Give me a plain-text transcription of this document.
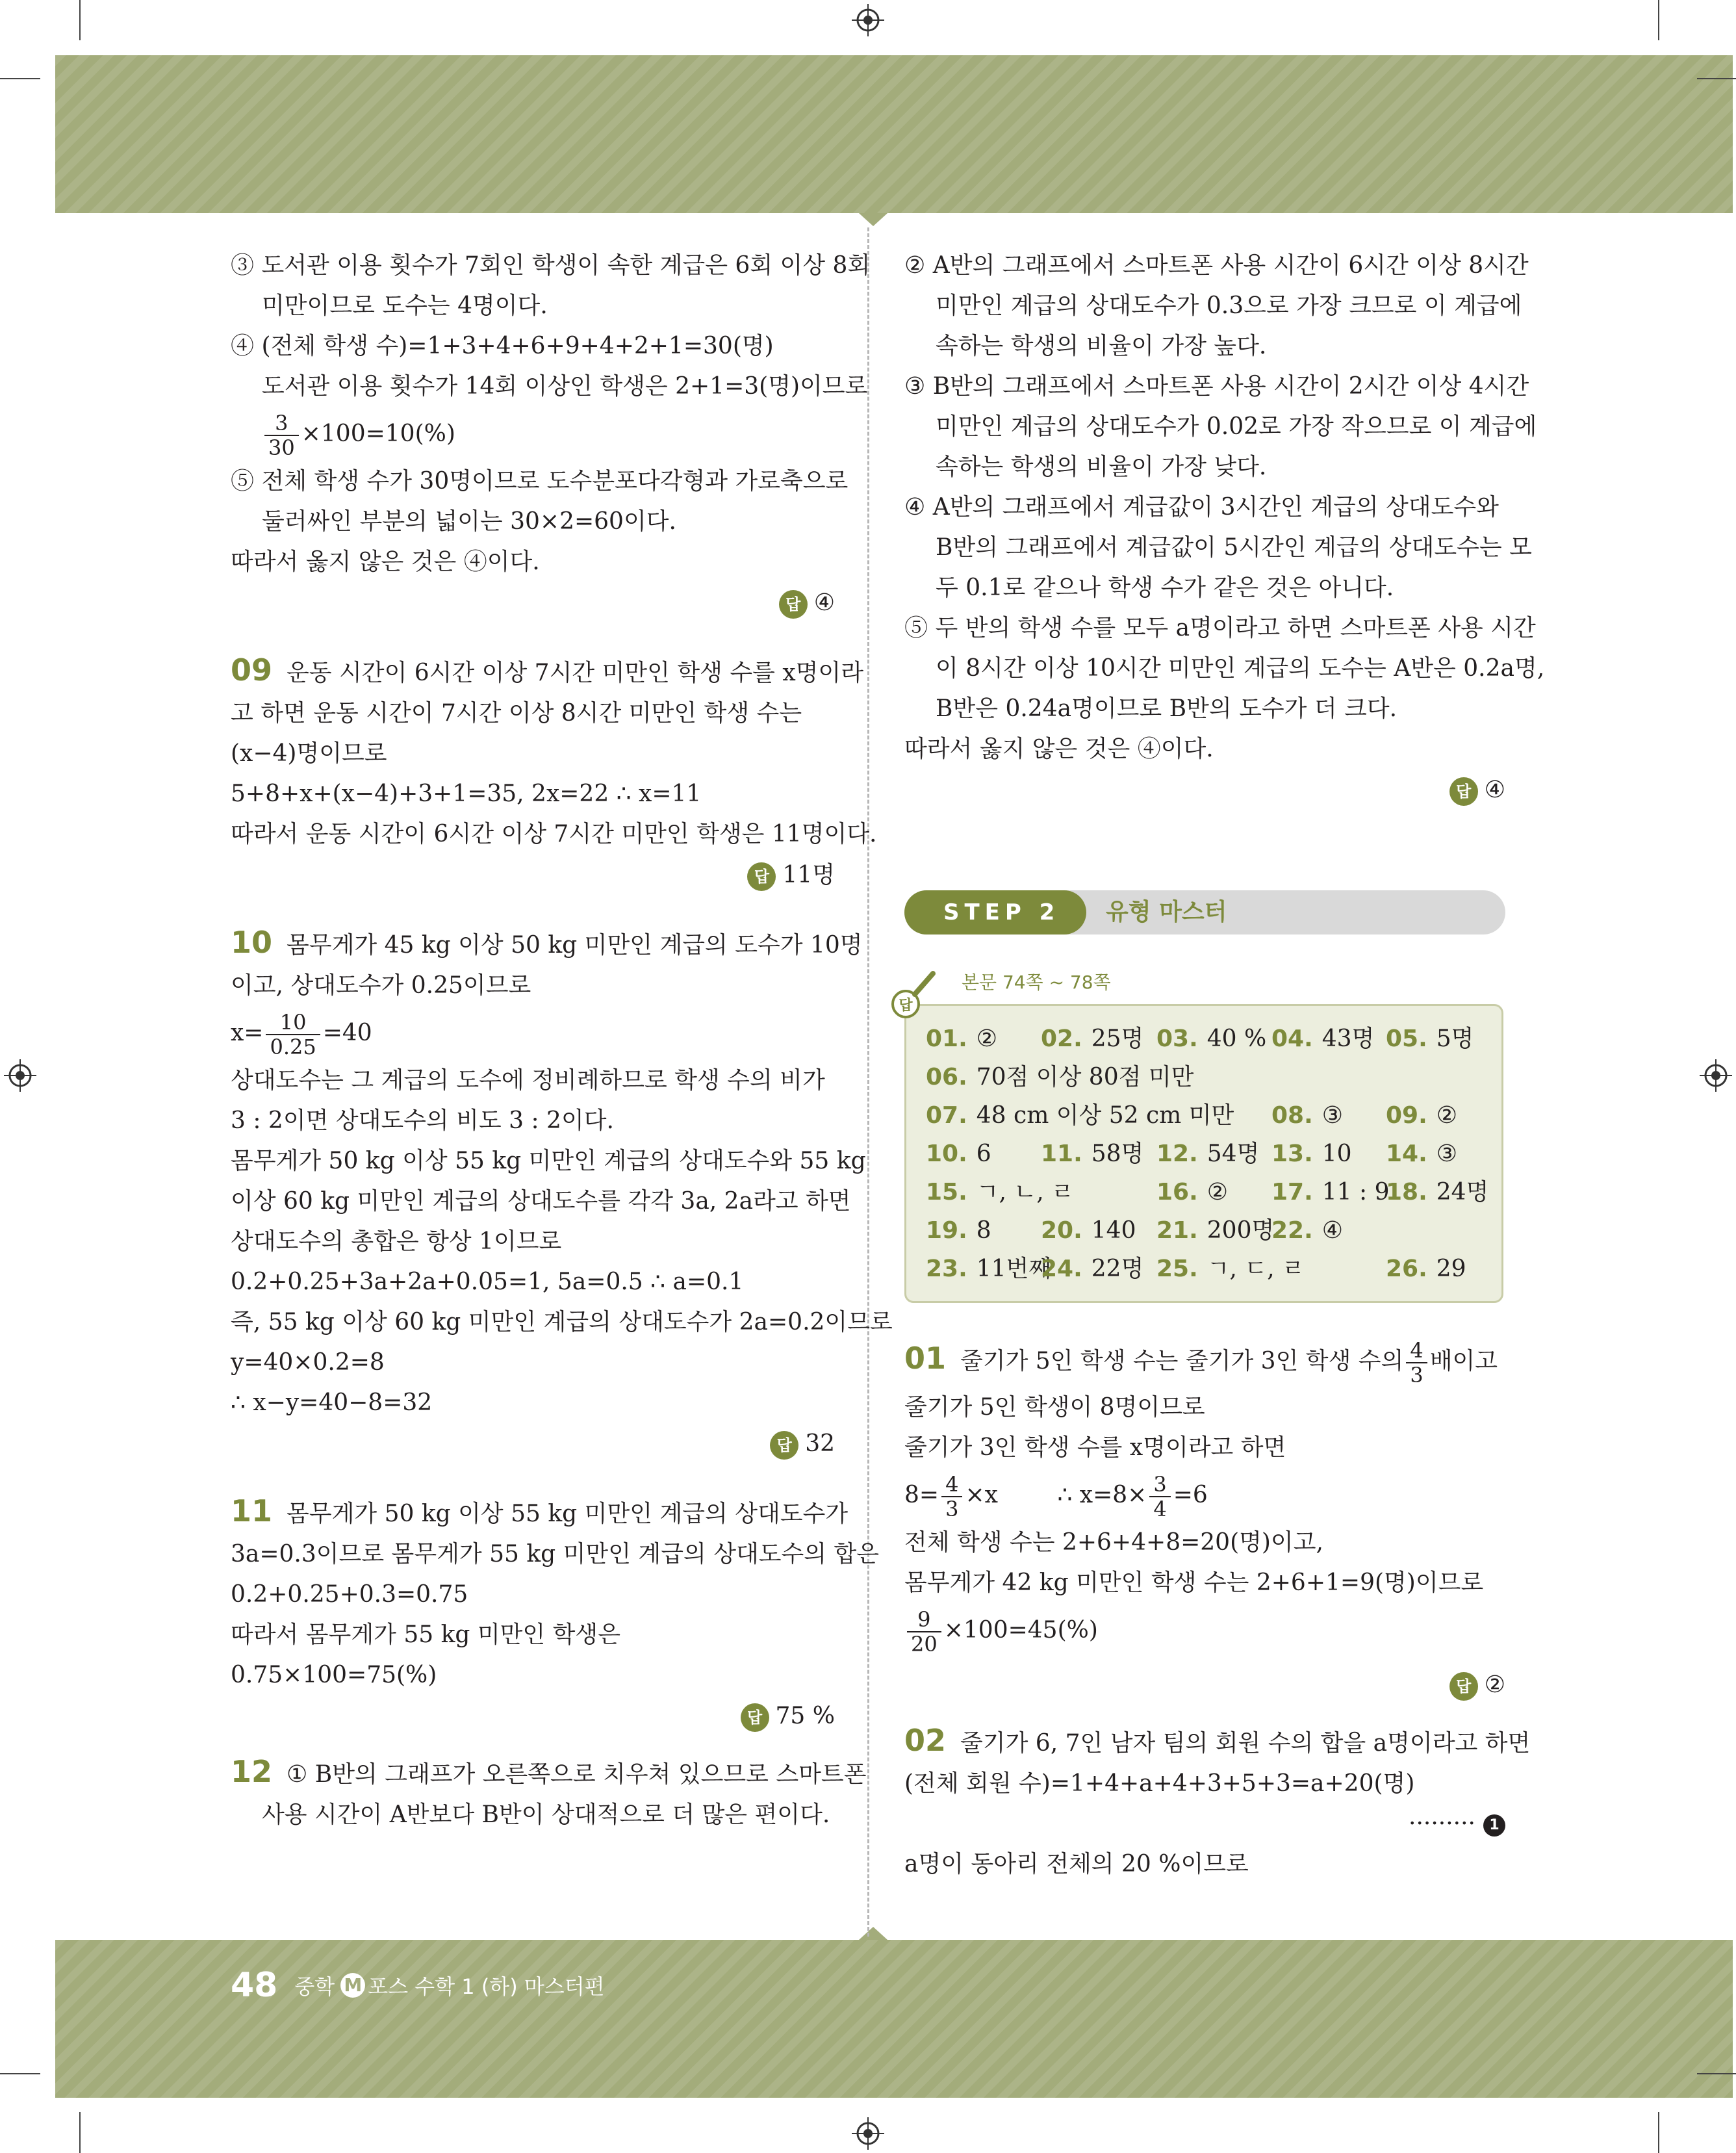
③ 도서관 이용 횟수가 7회인 학생이 속한 계급은 6회 이상 8회

미만이므로 도수는 4명이다.

④ (전체 학생 수)=1+3+4+6+9+4+2+1=30(명)

도서관 이용 횟수가 14회 이상인 학생은 2+1=3(명)이므로

$\frac{3}{30} \times 100=10(\%)$

⑤ 전체 학생 수가 30명이므로 도수분포다각형과 가로축으로

둘러싸인 부분의 넓이는 30×2=60이다.

따라서 옳지 않은 것은 ④이다.

답 ④

09 운동 시간이 6시간 이상 7시간 미만인 학생 수를 x명이라

고 하면 운동 시간이 7시간 이상 8시간 미만인 학생 수는

(x−4)명이므로

5+8+x+(x−4)+3+1=35, 2x=22 ∴ x=11

따라서 운동 시간이 6시간 이상 7시간 미만인 학생은 11명이다.

답 11명

10 몸무게가 45 kg 이상 50 kg 미만인 계급의 도수가 10명

이고, 상대도수가 0.25이므로

$x= \frac{10}{0.25} =40$

상대도수는 그 계급의 도수에 정비례하므로 학생 수의 비가

3 : 2이면 상대도수의 비도 3 : 2이다.

몸무게가 50 kg 이상 55 kg 미만인 계급의 상대도수와 55 kg

이상 60 kg 미만인 계급의 상대도수를 각각 3a, 2a라고 하면

상대도수의 총합은 항상 1이므로

0.2+0.25+3a+2a+0.05=1, 5a=0.5 ∴ a=0.1

즉, 55 kg 이상 60 kg 미만인 계급의 상대도수가 2a=0.2이므로

y=40×0.2=8

∴ x−y=40−8=32

답 32

11 몸무게가 50 kg 이상 55 kg 미만인 계급의 상대도수가

3a=0.3이므로 몸무게가 55 kg 미만인 계급의 상대도수의 합은

0.2+0.25+0.3=0.75

따라서 몸무게가 55 kg 미만인 학생은

0.75×100=75(%)

답 75 %

12 ① B반의 그래프가 오른쪽으로 치우쳐 있으므로 스마트폰

사용 시간이 A반보다 B반이 상대적으로 더 많은 편이다.

② A반의 그래프에서 스마트폰 사용 시간이 6시간 이상 8시간

미만인 계급의 상대도수가 0.3으로 가장 크므로 이 계급에

속하는 학생의 비율이 가장 높다.

③ B반의 그래프에서 스마트폰 사용 시간이 2시간 이상 4시간

미만인 계급의 상대도수가 0.02로 가장 작으므로 이 계급에

속하는 학생의 비율이 가장 낮다.

④ A반의 그래프에서 계급값이 3시간인 계급의 상대도수와

B반의 그래프에서 계급값이 5시간인 계급의 상대도수는 모

두 0.1로 같으나 학생 수가 같은 것은 아니다.

⑤ 두 반의 학생 수를 모두 a명이라고 하면 스마트폰 사용 시간

이 8시간 이상 10시간 미만인 계급의 도수는 A반은 0.2a명,

B반은 0.24a명이므로 B반의 도수가 더 크다.

따라서 옳지 않은 것은 ④이다.

답 ④

STEP 2 유형 마스터
본문 74쪽 ~ 78쪽
답
01. ② 02. 25명 03. 40 % 04. 43명 05. 5명
06. 70점 이상 80점 미만
07. 48 cm 이상 52 cm 미만 08. ③ 09. ②
10. 6 11. 58명 12. 54명 13. 10 14. ③
15. ㄱ, ㄴ, ㄹ	16. ② 17. 11 : 9
18. 24명
19. 8 20. 140 21. 200명
22. ④
23. 11번째
24. 22명 25. ㄱ, ㄷ, ㄹ	26. 29

01 줄기가 5인 학생 수는 줄기가 3인 학생 수의 $\frac{4}{3}$ 배이고

줄기가 5인 학생이 8명이므로

줄기가 3인 학생 수를 x명이라고 하면

$8= \frac{4}{3} \times x$        ∴ $x=8\times \frac{3}{4} =6$

전체 학생 수는 2+6+4+8=20(명)이고,

몸무게가 42 kg 미만인 학생 수는 2+6+1=9(명)이므로

$\frac{9}{20} \times 100=45(\%)$

답 ②

02 줄기가 6, 7인 남자 팀의 회원 수의 합을 a명이라고 하면

(전체 회원 수)=1+4+a+4+3+5+3=a+20(명)

········· 1

a명이 동아리 전체의 20 %이므로

48 중학 M 포스 수학 1 (하) 마스터편
